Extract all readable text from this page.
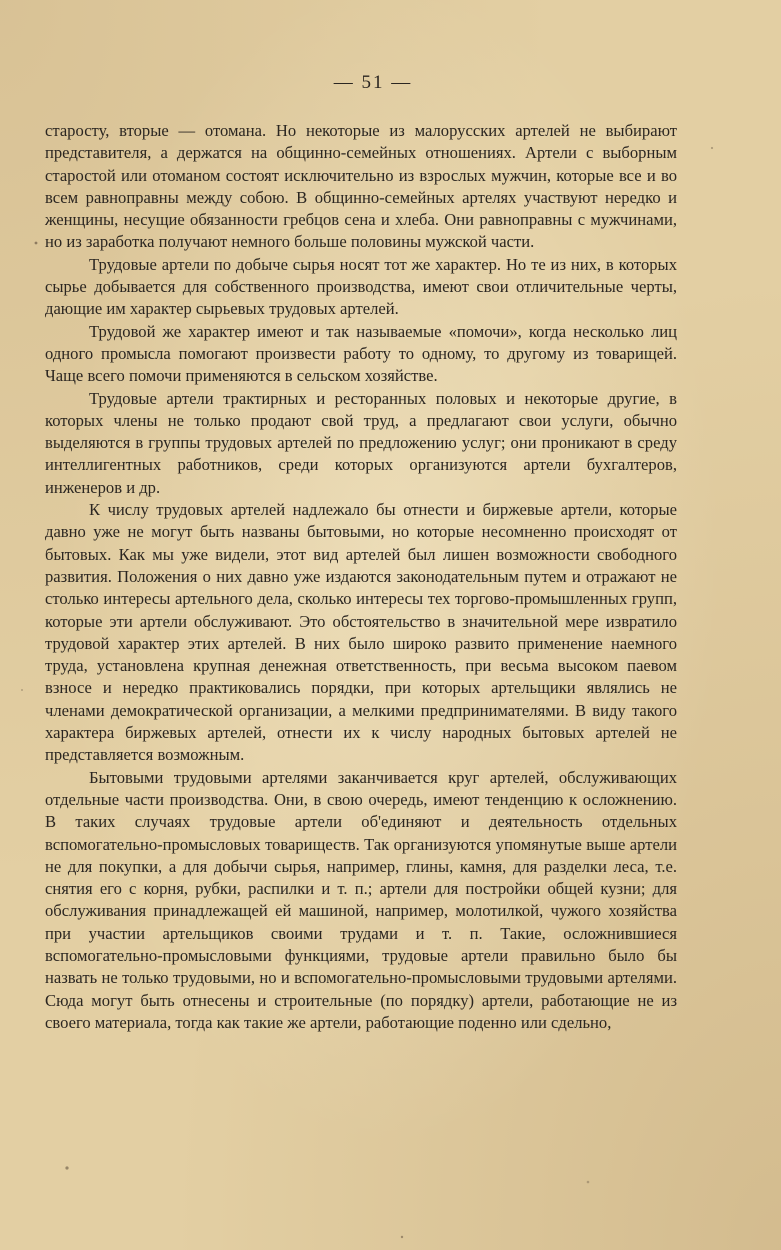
— 51 —

старосту, вторые — отомана. Но некоторые из малорусских артелей не выбирают представителя, а держатся на общинно-семейных отношениях. Артели с выборным старостой или отоманом состоят исключительно из взрослых мужчин, которые все и во всем равноправны между собою. В общинно-семейных артелях участвуют нередко и женщины, несущие обязанности гребцов сена и хлеба. Они равноправны с мужчинами, но из заработка получают немного больше половины мужской части.

Трудовые артели по добыче сырья носят тот же характер. Но те из них, в которых сырье добывается для собственного производства, имеют свои отличительные черты, дающие им характер сырьевых трудовых артелей.

Трудовой же характер имеют и так называемые «помочи», когда несколько лиц одного промысла помогают произвести работу то одному, то другому из товарищей. Чаще всего помочи применяются в сельском хозяйстве.

Трудовые артели трактирных и ресторанных половых и некоторые другие, в которых члены не только продают свой труд, а предлагают свои услуги, обычно выделяются в группы трудовых артелей по предложению услуг; они проникают в среду интеллигентных работников, среди которых организуются артели бухгалтеров, инженеров и др.

К числу трудовых артелей надлежало бы отнести и биржевые артели, которые давно уже не могут быть названы бытовыми, но которые несомненно происходят от бытовых. Как мы уже видели, этот вид артелей был лишен возможности свободного развития. Положения о них давно уже издаются законодательным путем и отражают не столько интересы артельного дела, сколько интересы тех торгово-промышленных групп, которые эти артели обслуживают. Это обстоятельство в значительной мере извратило трудовой характер этих артелей. В них было широко развито применение наемного труда, установлена крупная денежная ответственность, при весьма высоком паевом взносе и нередко практиковались порядки, при которых артельщики являлись не членами демократической организации, а мелкими предпринимателями. В виду такого характера биржевых артелей, отнести их к числу народных бытовых артелей не представляется возможным.

Бытовыми трудовыми артелями заканчивается круг артелей, обслуживающих отдельные части производства. Они, в свою очередь, имеют тенденцию к осложнению. В таких случаях трудовые артели об'единяют и деятельность отдельных вспомогательно-промысловых товариществ. Так организуются упомянутые выше артели не для покупки, а для добычи сырья, например, глины, камня, для разделки леса, т.е. снятия его с корня, рубки, распилки и т. п.; артели для постройки общей кузни; для обслуживания принадлежащей ей машиной, например, молотилкой, чужого хозяйства при участии артельщиков своими трудами и т. п. Такие, осложнившиеся вспомогательно-промысловыми функциями, трудовые артели правильно было бы назвать не только трудовыми, но и вспомогательно-промысловыми трудовыми артелями. Сюда могут быть отнесены и строительные (по порядку) артели, работающие не из своего материала, тогда как такие же артели, работающие поденно или сдельно,
